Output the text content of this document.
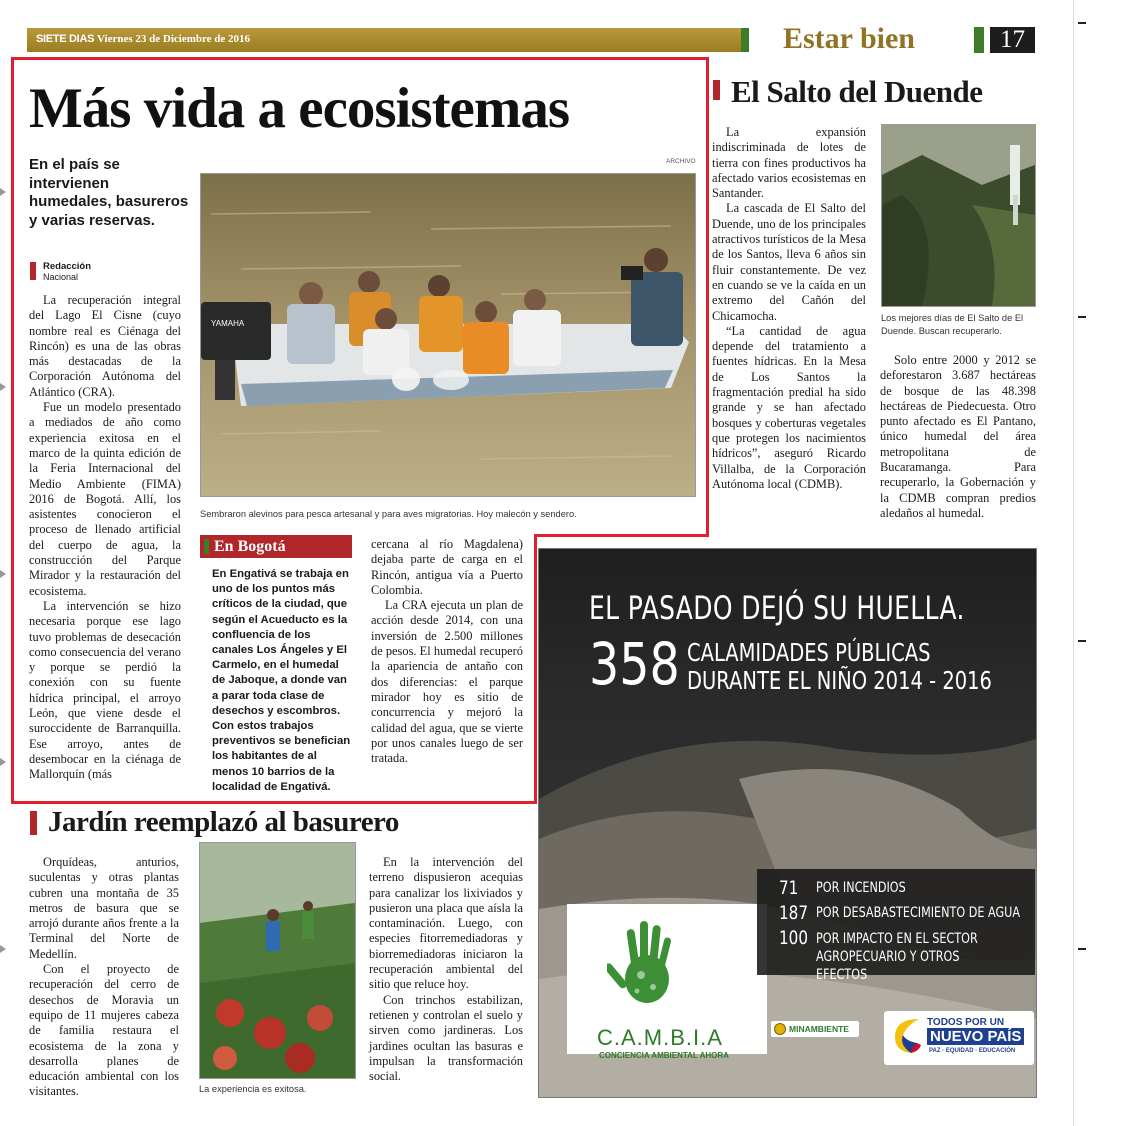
SIETE DIAS Viernes 23 de Diciembre de 2016	Estar bien	17
Más vida a ecosistemas
En el país se intervienen humedales, basureros y varias reservas.
Redacción
Nacional

La recuperación integral del Lago El Cisne (cuyo nombre real es Ciénaga del Rincón) es una de las obras más destacadas de la Corporación Autónoma del Atlántico (CRA).

Fue un modelo presentado a mediados de año como experiencia exitosa en el marco de la quinta edición de la Feria Internacional del Medio Ambiente (FIMA) 2016 de Bogotá. Allí, los asistentes conocieron el proceso de llenado artificial del cuerpo de agua, la construcción del Parque Mirador y la restauración del ecosistema.

La intervención se hizo necesaria porque ese lago tuvo problemas de desecación como consecuencia del verano y porque se perdió la conexión con su fuente hídrica principal, el arroyo León, que viene desde el suroccidente de Barranquilla. Ese arroyo, antes de desembocar en la ciénaga de Mallorquín (más

ARCHIVO
YAMAHA
Sembraron alevinos para pesca artesanal y para aves migratorias. Hoy malecón y sendero.
En Bogotá
En Engativá se trabaja en uno de los puntos más críticos de la ciudad, que según el Acueducto es la confluencia de los canales Los Ángeles y El Carmelo, en el humedal de Jaboque, a donde van a parar toda clase de desechos y escombros. Con estos trabajos preventivos se benefician los habitantes de al menos 10 barrios de la localidad de Engativá.

cercana al río Magdalena) dejaba parte de carga en el Rincón, antigua vía a Puerto Colombia.

La CRA ejecuta un plan de acción desde 2014, con una inversión de 2.500 millones de pesos. El humedal recuperó la apariencia de antaño con dos diferencias: el parque mirador hoy es sitio de concurrencia y mejoró la calidad del agua, que se vierte por unos canales luego de ser tratada.

El Salto del Duende

La expansión indiscriminada de lotes de tierra con fines productivos ha afectado varios ecosistemas en Santander.

La cascada de El Salto del Duende, uno de los principales atractivos turísticos de la Mesa de los Santos, lleva 6 años sin fluir constantemente. De vez en cuando se ve la caída en un extremo del Cañón del Chicamocha.

“La cantidad de agua depende del tratamiento a fuentes hídricas. En la Mesa de Los Santos la fragmentación predial ha sido grande y se han afectado bosques y coberturas vegetales que protegen los nacimientos hídricos”, aseguró Ricardo Villalba, de la Corporación Autónoma local (CDMB).

Los mejores días de El Salto de El Duende. Buscan recuperarlo.

Solo entre 2000 y 2012 se deforestaron 3.687 hectáreas de bosque de las 48.398 hectáreas de Piedecuesta. Otro punto afectado es El Pantano, único humedal del área metropolitana de Bucaramanga. Para recuperarlo, la Gobernación y la CDMB compran predios aledaños al humedal.

Jardín reemplazó al basurero

Orquídeas, anturios, suculentas y otras plantas cubren una montaña de 35 metros de basura que se arrojó durante años frente a la Terminal del Norte de Medellín.

Con el proyecto de recuperación del cerro de desechos de Moravia un equipo de 11 mujeres cabeza de familia restaura el ecosistema de la zona y desarrolla planes de educación ambiental con los visitantes.	La experiencia es exitosa.

En la intervención del terreno dispusieron acequias para canalizar los lixiviados y pusieron una placa que aísla la contaminación. Luego, con especies fitorremediadoras y biorremediadoras iniciaron la recuperación ambiental del sitio que reluce hoy.

Con trinchos estabilizan, retienen y controlan el suelo y sirven como jardineras. Los jardines ocultan las basuras e impulsan la transformación social.

EL PASADO DEJÓ SU HUELLA.
358 CALAMIDADES PÚBLICAS
DURANTE EL NIÑO 2014 - 2016
71 POR INCENDIOS
187 POR DESABASTECIMIENTO DE AGUA
100 POR IMPACTO EN EL SECTOR AGROPECUARIO Y OTROS EFECTOS
C.A.M.B.I.A
CONCIENCIA AMBIENTAL AHORA
MINAMBIENTE
TODOS POR UN
NUEVO PAÍS
PAZ · EQUIDAD · EDUCACIÓN
